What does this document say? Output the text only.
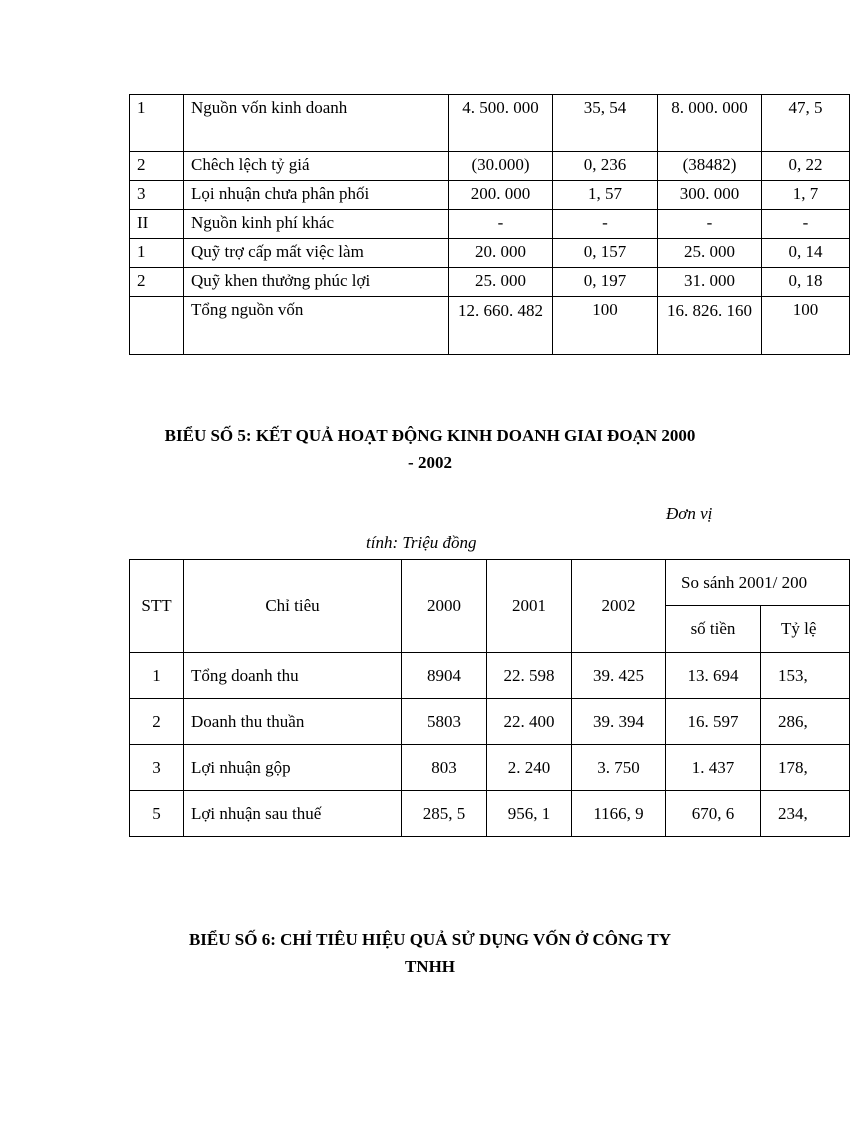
1	Nguồn vốn kinh doanh	4. 500. 000	35, 54	8. 000. 000	47, 5
2	Chêch lệch tỷ giá	(30.000)	0, 236	(38482)	0, 22
3	Lọi nhuận chưa phân phối	200. 000	1, 57	300. 000	1, 7
II	Nguồn kinh phí khác	-	-	-	-
1	Quỹ trợ cấp mất việc làm	20. 000	0, 157	25. 000	0, 14
2	Quỹ khen thưởng phúc lợi	25. 000	0, 197	31. 000	0, 18
	Tổng nguồn vốn	12. 660. 482	100	16. 826. 160	100
BIỂU SỐ 5: KẾT QUẢ HOẠT ĐỘNG KINH DOANH GIAI ĐOẠN 2000
- 2002
Đơn vị
tính: Triệu đồng
STT	Chỉ tiêu	2000	2001	2002	So sánh 2001/ 200	
					số tiền	Tỷ lệ
1	Tổng doanh thu	8904	22. 598	39. 425	13. 694	153,
2	Doanh thu thuần	5803	22. 400	39. 394	16. 597	286,
3	Lợi nhuận gộp	803	2. 240	3. 750	1. 437	178,
5	Lợi nhuận sau thuế	285, 5	956, 1	1166, 9	670, 6	234,
BIỂU SỐ 6: CHỈ TIÊU HIỆU QUẢ SỬ DỤNG VỐN Ở CÔNG TY
TNHH
